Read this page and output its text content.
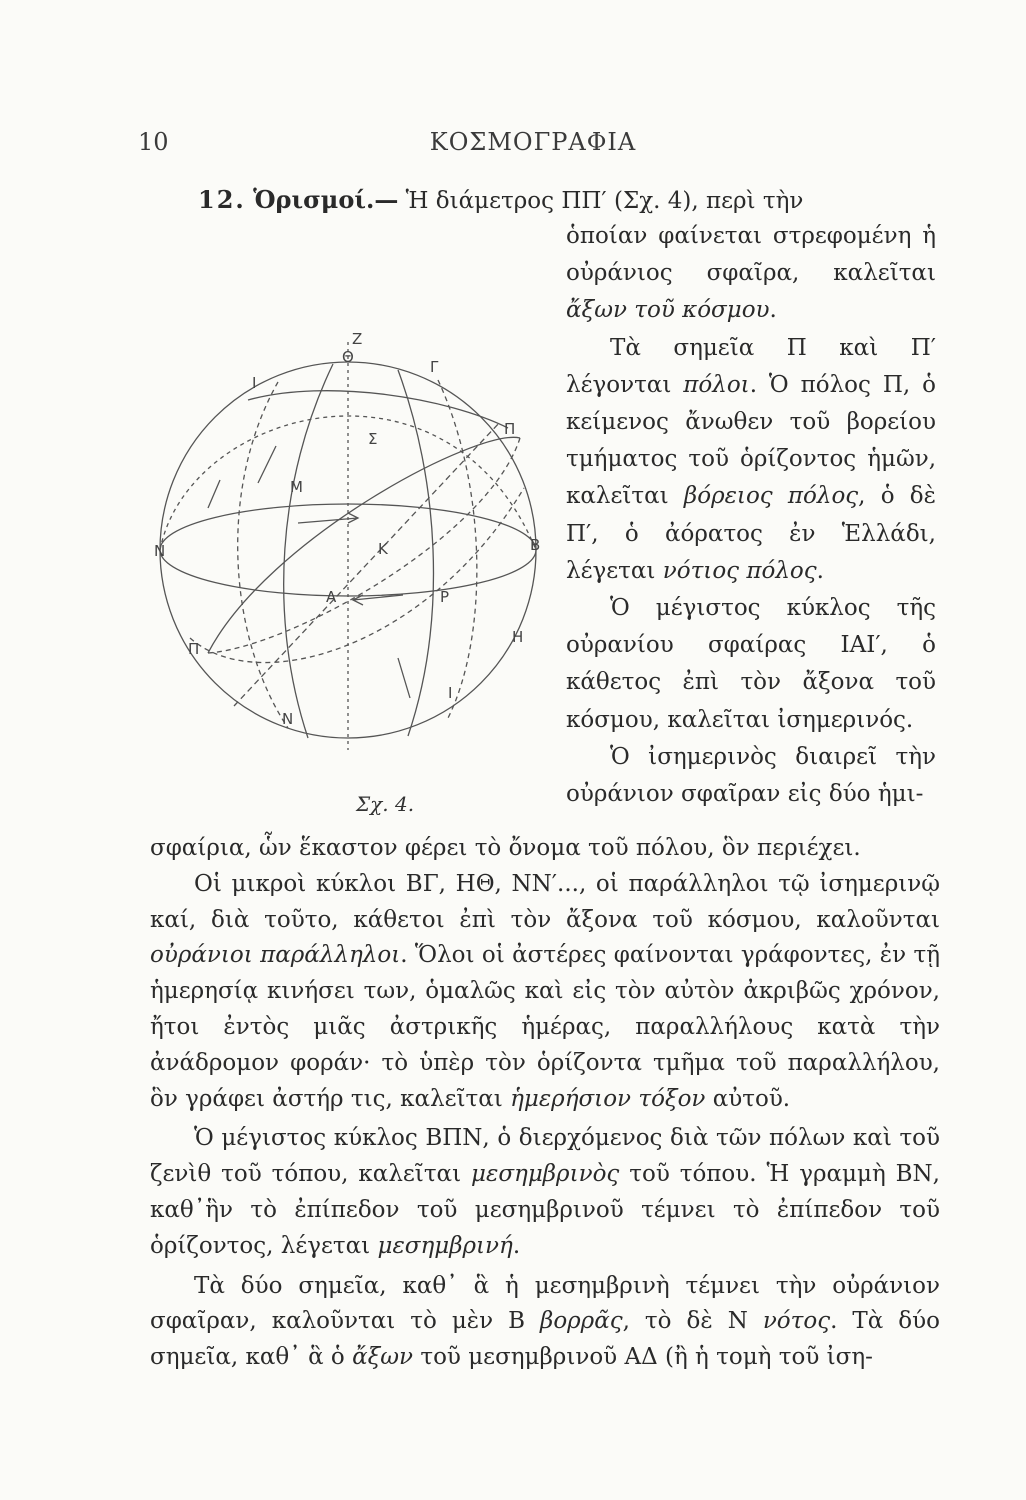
10	ΚΟΣΜΟΓΡΑΦΙΑ
12. Ὁρισμοί.— Ἡ διάμετρος ΠΠ′ (Σχ. 4), περὶ τὴν

ὁποίαν φαίνεται στρεφομένη ἡ οὐράνιος σφαῖρα, καλεῖται ἄξων τοῦ κόσμου.

Τὰ σημεῖα Π καὶ Π′ λέγονται πόλοι. Ὁ πόλος Π, ὁ κείμενος ἄνωθεν τοῦ βορείου τμήματος τοῦ ὁρίζοντος ἡμῶν, καλεῖται βόρειος πόλος, ὁ δὲ Π′, ὁ ἀόρατος ἐν Ἑλλάδι, λέγεται νότιος πόλος.

Ὁ μέγιστος κύκλος τῆς οὐρανίου σφαίρας ΙΑΙ′, ὁ κάθετος ἐπὶ τὸν ἄξονα τοῦ κόσμου, καλεῖται ἰσημερινός.

Ὁ ἰσημερινὸς διαιρεῖ τὴν οὐράνιον σφαῖραν εἰς δύο ἡμι-

Z
Θ
Γ
I
П
Σ
M
N	K	B
A	P
П
H
Ι
N
Σχ. 4.

σφαίρια, ὧν ἕκαστον φέρει τὸ ὄνομα τοῦ πόλου, ὃν περιέχει.

Οἱ μικροὶ κύκλοι ΒΓ, ΗΘ, ΝΝ′..., οἱ παράλληλοι τῷ ἰσημερινῷ καί, διὰ τοῦτο, κάθετοι ἐπὶ τὸν ἄξονα τοῦ κόσμου, καλοῦνται οὐράνιοι παράλληλοι. Ὅλοι οἱ ἀστέρες φαίνονται γράφοντες, ἐν τῇ ἡμερησίᾳ κινήσει των, ὁμαλῶς καὶ εἰς τὸν αὐτὸν ἀκριβῶς χρόνον, ἤτοι ἐντὸς μιᾶς ἀστρικῆς ἡμέρας, παραλλήλους κατὰ τὴν ἀνάδρομον φοράν· τὸ ὑπὲρ τὸν ὁρίζοντα τμῆμα τοῦ παραλλήλου, ὃν γράφει ἀστήρ τις, καλεῖται ἡμερήσιον τόξον αὐτοῦ.

Ὁ μέγιστος κύκλος ΒΠΝ, ὁ διερχόμενος διὰ τῶν πόλων καὶ τοῦ ζενὶθ τοῦ τόπου, καλεῖται μεσημβρινὸς τοῦ τόπου. Ἡ γραμμὴ ΒΝ, καθ᾽ἣν τὸ ἐπίπεδον τοῦ μεσημβρινοῦ τέμνει τὸ ἐπίπεδον τοῦ ὁρίζοντος, λέγεται μεσημβρινή.

Τὰ δύο σημεῖα, καθ᾽ ἃ ἡ μεσημβρινὴ τέμνει τὴν οὐράνιον σφαῖραν, καλοῦνται τὸ μὲν Β βορρᾶς, τὸ δὲ Ν νότος. Τὰ δύο σημεῖα, καθ᾽ ἃ ὁ ἄξων τοῦ μεσημβρινοῦ ΑΔ (ἢ ἡ τομὴ τοῦ ἰση-
